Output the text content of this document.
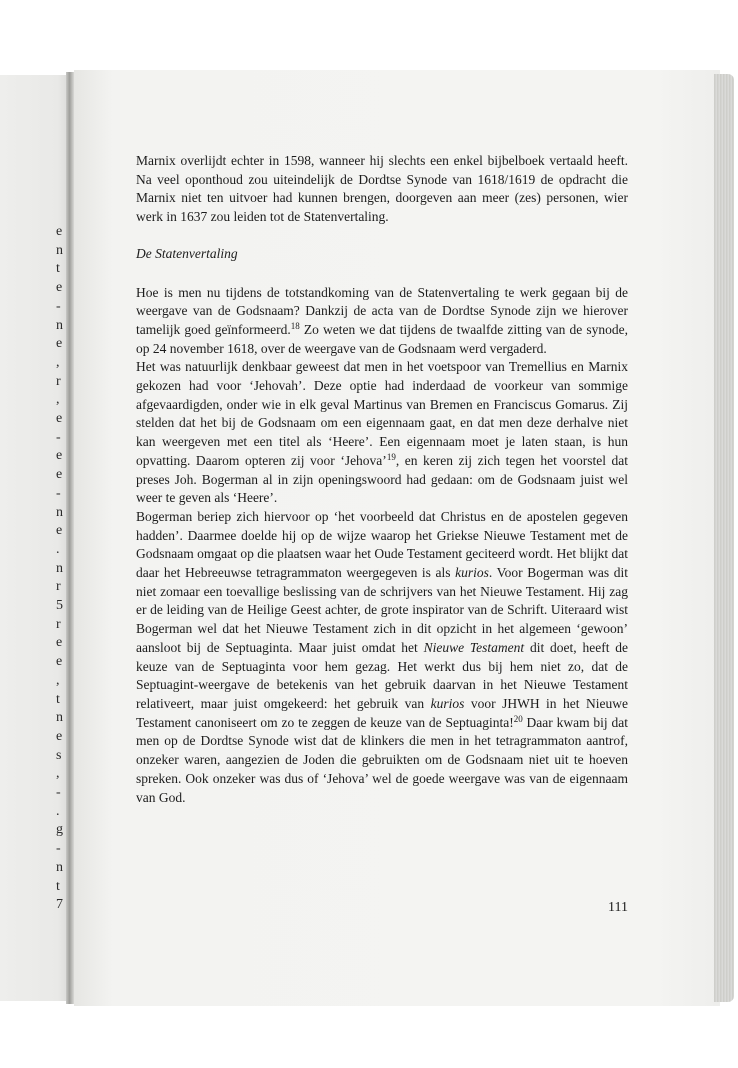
e
n
t
e
-
n
e
,
r
,
e
-
e
e
-
n
e
.
n
r
5
r
e
e
,
t
n
e
s
,
-
.
g
-
n
t
7

Marnix overlijdt echter in 1598, wanneer hij slechts een enkel bijbelboek vertaald heeft. Na veel oponthoud zou uiteindelijk de Dordtse Synode van 1618/1619 de opdracht die Marnix niet ten uitvoer had kunnen brengen, doorgeven aan meer (zes) personen, wier werk in 1637 zou leiden tot de Statenvertaling.

De Statenvertaling

Hoe is men nu tijdens de totstandkoming van de Statenvertaling te werk gegaan bij de weergave van de Godsnaam? Dankzij de acta van de Dordtse Synode zijn we hierover tamelijk goed geïnformeerd.$^{18}$ Zo weten we dat tijdens de twaalfde zitting van de synode, op 24 november 1618, over de weergave van de Godsnaam werd vergaderd.

Het was natuurlijk denkbaar geweest dat men in het voetspoor van Tremellius en Marnix gekozen had voor ‘Jehovah’. Deze optie had inderdaad de voorkeur van sommige afgevaardigden, onder wie in elk geval Martinus van Bremen en Franciscus Gomarus. Zij stelden dat het bij de Godsnaam om een eigennaam gaat, en dat men deze derhalve niet kan weergeven met een titel als ‘Heere’. Een eigennaam moet je laten staan, is hun opvatting. Daarom opteren zij voor ‘Jehova’$^{19}$, en keren zij zich tegen het voorstel dat preses Joh. Bogerman al in zijn openingswoord had gedaan: om de Godsnaam juist wel weer te geven als ‘Heere’.

Bogerman beriep zich hiervoor op ‘het voorbeeld dat Christus en de apostelen gegeven hadden’. Daarmee doelde hij op de wijze waarop het Griekse Nieuwe Testament met de Godsnaam omgaat op die plaatsen waar het Oude Testament geciteerd wordt. Het blijkt dat daar het Hebreeuwse tetragrammaton weergegeven is als kurios. Voor Bogerman was dit niet zomaar een toevallige beslissing van de schrijvers van het Nieuwe Testament. Hij zag er de leiding van de Heilige Geest achter, de grote inspirator van de Schrift. Uiteraard wist Bogerman wel dat het Nieuwe Testament zich in dit opzicht in het algemeen ‘gewoon’ aansloot bij de Septuaginta. Maar juist omdat het Nieuwe Testament dit doet, heeft de keuze van de Septuaginta voor hem gezag. Het werkt dus bij hem niet zo, dat de Septuagint-weergave de betekenis van het gebruik daarvan in het Nieuwe Testament relativeert, maar juist omgekeerd: het gebruik van kurios voor JHWH in het Nieuwe Testament canoniseert om zo te zeggen de keuze van de Septuaginta!$^{20}$ Daar kwam bij dat men op de Dordtse Synode wist dat de klinkers die men in het tetragrammaton aantrof, onzeker waren, aangezien de Joden die gebruikten om de Godsnaam niet uit te hoeven spreken. Ook onzeker was dus of ‘Jehova’ wel de goede weergave was van de eigennaam van God.

111
